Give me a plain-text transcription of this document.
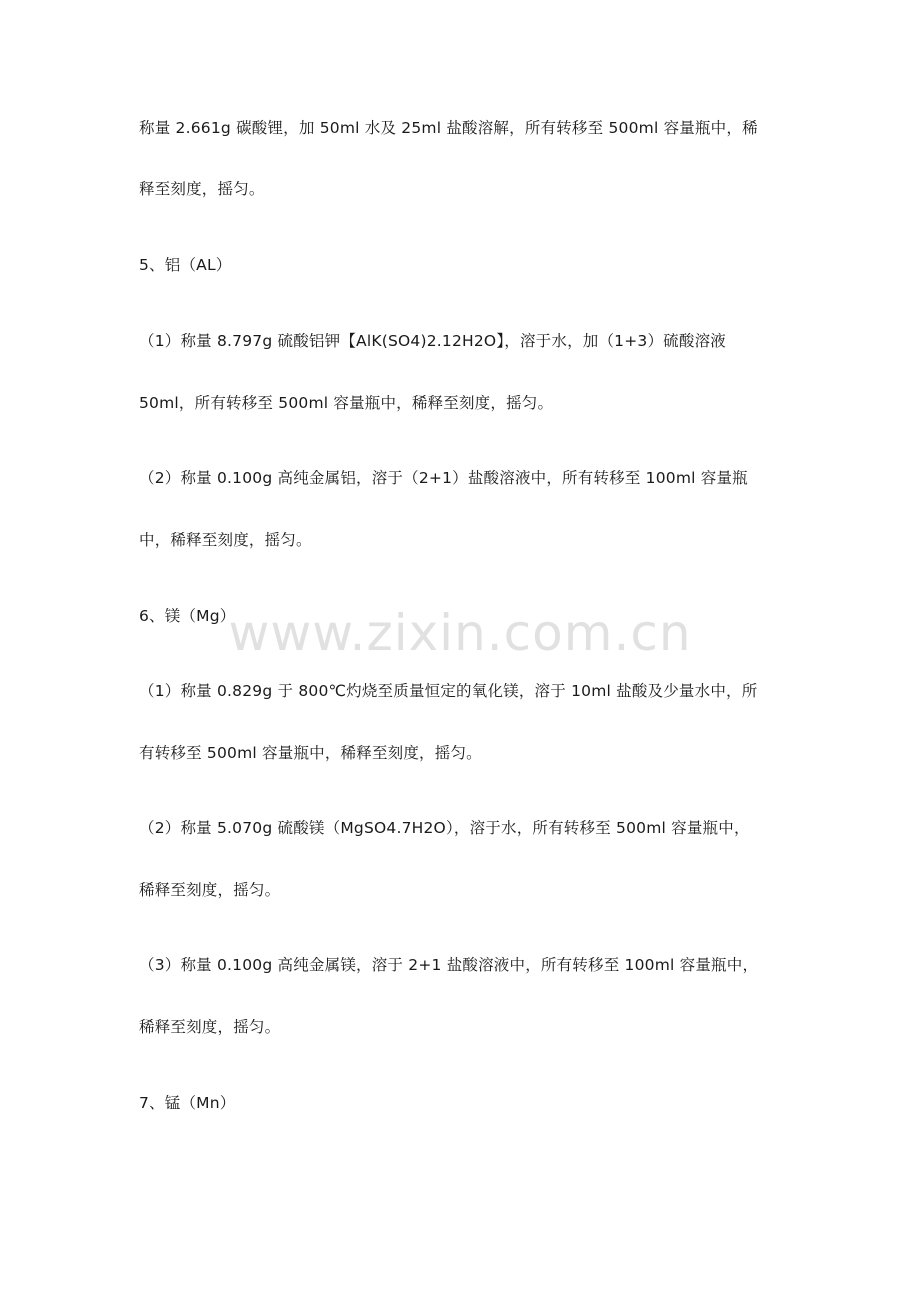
称量 2.661g 碳酸锂，加 50ml 水及 25ml 盐酸溶解，所有转移至 500ml 容量瓶中，稀
释至刻度，摇匀。
5、铝（AL）
（1）称量 8.797g 硫酸铝钾【AlK(SO4)2.12H2O】，溶于水，加（1+3）硫酸溶液
50ml，所有转移至 500ml 容量瓶中，稀释至刻度，摇匀。
（2）称量 0.100g 高纯金属铝，溶于（2+1）盐酸溶液中，所有转移至 100ml 容量瓶
中，稀释至刻度，摇匀。
6、镁（Mg）
（1）称量 0.829g 于 800℃灼烧至质量恒定的氧化镁，溶于 10ml 盐酸及少量水中，所
有转移至 500ml 容量瓶中，稀释至刻度，摇匀。
（2）称量 5.070g 硫酸镁（MgSO4.7H2O），溶于水，所有转移至 500ml 容量瓶中，
稀释至刻度，摇匀。
（3）称量 0.100g 高纯金属镁，溶于 2+1 盐酸溶液中，所有转移至 100ml 容量瓶中，
稀释至刻度，摇匀。
7、锰（Mn）
www.zixin.com.cn
